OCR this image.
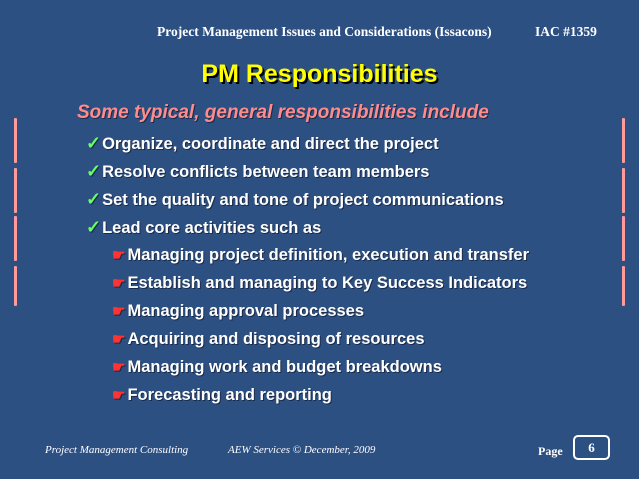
Project Management Issues and Considerations (Issacons)	IAC #1359
PM Responsibilities
Some typical, general responsibilities include
✓Organize, coordinate and direct the project
✓Resolve conflicts between team members
✓Set the quality and tone of project communications
✓Lead core activities such as
☛ Managing project definition, execution and transfer
☛ Establish and managing to Key Success Indicators
☛ Managing approval processes
☛ Acquiring and disposing of resources
☛ Managing work and budget breakdowns
☛ Forecasting and reporting
Project Management Consulting	AEW Services © December, 2009	Page	6
